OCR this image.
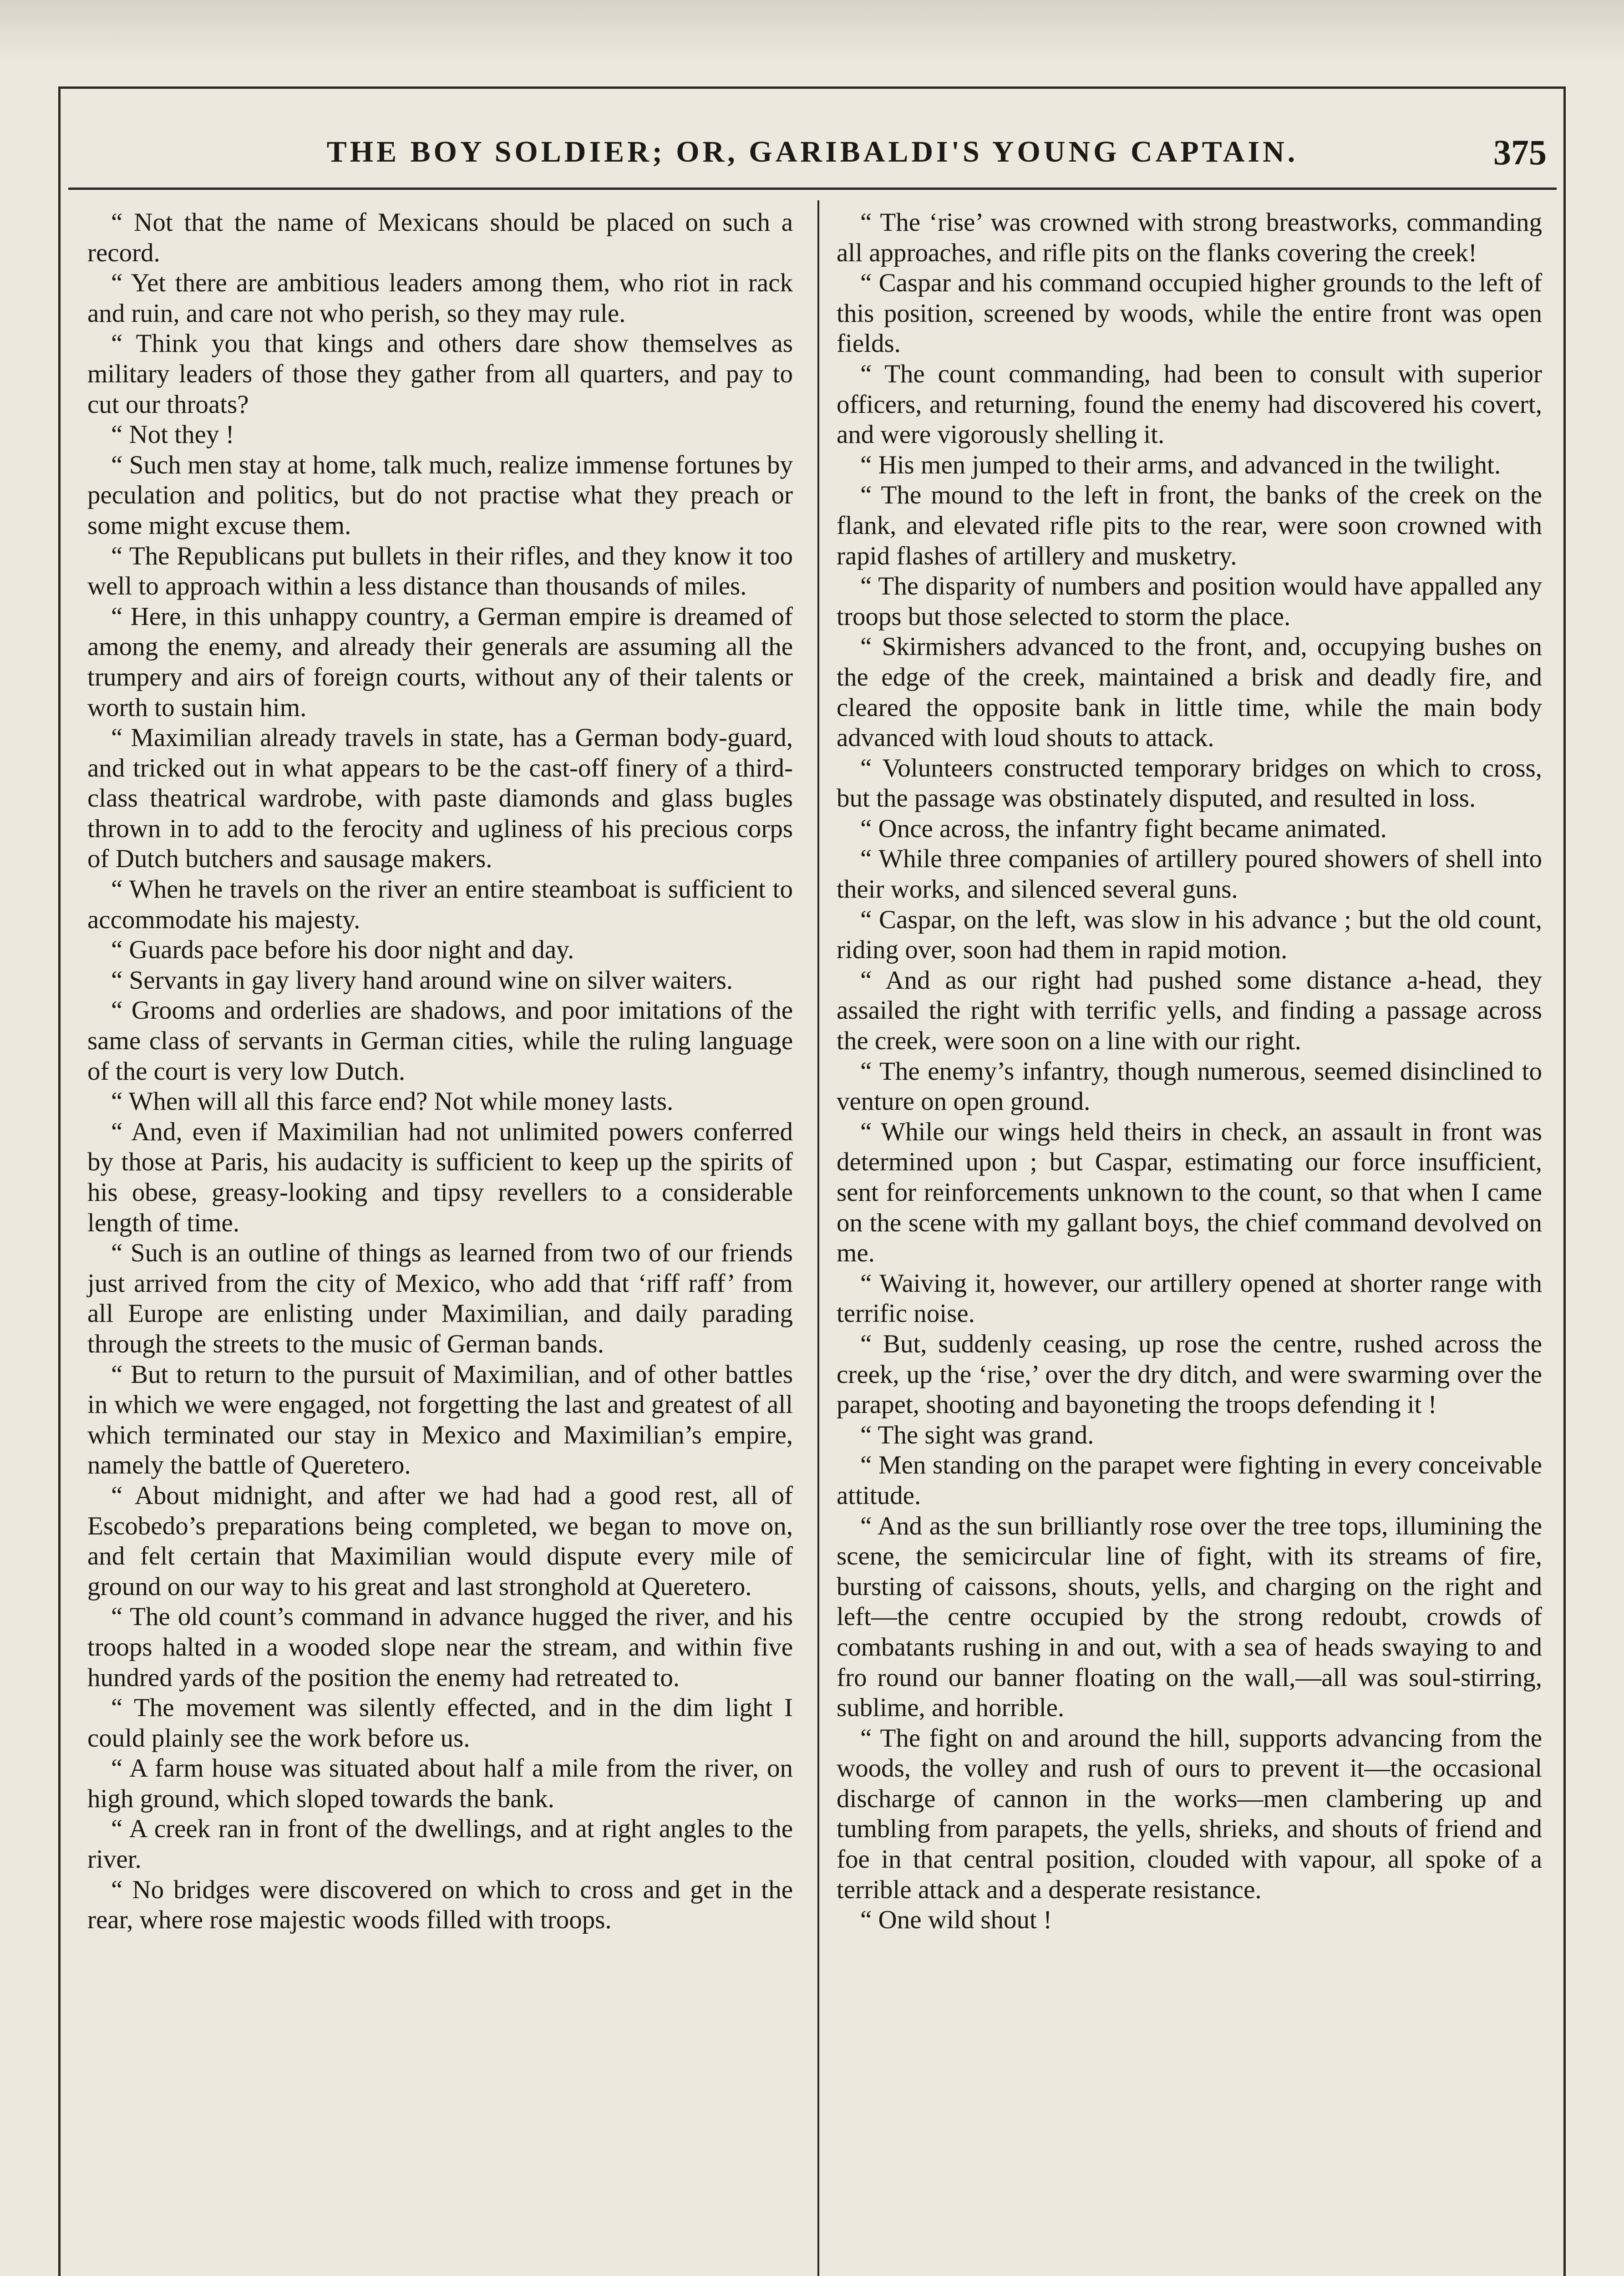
THE BOY SOLDIER; OR, GARIBALDI'S YOUNG CAPTAIN.	375

“ Not that the name of Mexicans should be placed on such a record.

“ Yet there are ambitious leaders among them, who riot in rack and ruin, and care not who perish, so they may rule.

“ Think you that kings and others dare show themselves as military leaders of those they gather from all quarters, and pay to cut our throats?

“ Not they !

“ Such men stay at home, talk much, realize immense fortunes by peculation and politics, but do not practise what they preach or some might excuse them.

“ The Republicans put bullets in their rifles, and they know it too well to approach within a less distance than thousands of miles.

“ Here, in this unhappy country, a German empire is dreamed of among the enemy, and already their generals are assuming all the trumpery and airs of foreign courts, without any of their talents or worth to sustain him.

“ Maximilian already travels in state, has a German body-guard, and tricked out in what appears to be the cast-off finery of a third-class theatrical wardrobe, with paste diamonds and glass bugles thrown in to add to the ferocity and ugliness of his precious corps of Dutch butchers and sausage makers.

“ When he travels on the river an entire steamboat is sufficient to accommodate his majesty.

“ Guards pace before his door night and day.

“ Servants in gay livery hand around wine on silver waiters.

“ Grooms and orderlies are shadows, and poor imitations of the same class of servants in German cities, while the ruling language of the court is very low Dutch.

“ When will all this farce end? Not while money lasts.

“ And, even if Maximilian had not unlimited powers conferred by those at Paris, his audacity is sufficient to keep up the spirits of his obese, greasy-looking and tipsy revellers to a considerable length of time.

“ Such is an outline of things as learned from two of our friends just arrived from the city of Mexico, who add that ‘riff raff’ from all Europe are enlisting under Maximilian, and daily parading through the streets to the music of German bands.

“ But to return to the pursuit of Maximilian, and of other battles in which we were engaged, not forgetting the last and greatest of all which terminated our stay in Mexico and Maximilian’s empire, namely the battle of Queretero.

“ About midnight, and after we had had a good rest, all of Escobedo’s preparations being completed, we began to move on, and felt certain that Maximilian would dispute every mile of ground on our way to his great and last stronghold at Queretero.

“ The old count’s command in advance hugged the river, and his troops halted in a wooded slope near the stream, and within five hundred yards of the position the enemy had retreated to.

“ The movement was silently effected, and in the dim light I could plainly see the work before us.

“ A farm house was situated about half a mile from the river, on high ground, which sloped towards the bank.

“ A creek ran in front of the dwellings, and at right angles to the river.

“ No bridges were discovered on which to cross and get in the rear, where rose majestic woods filled with troops.

“ The ‘rise’ was crowned with strong breastworks, commanding all approaches, and rifle pits on the flanks covering the creek!

“ Caspar and his command occupied higher grounds to the left of this position, screened by woods, while the entire front was open fields.

“ The count commanding, had been to consult with superior officers, and returning, found the enemy had discovered his covert, and were vigorously shelling it.

“ His men jumped to their arms, and advanced in the twilight.

“ The mound to the left in front, the banks of the creek on the flank, and elevated rifle pits to the rear, were soon crowned with rapid flashes of artillery and musketry.

“ The disparity of numbers and position would have appalled any troops but those selected to storm the place.

“ Skirmishers advanced to the front, and, occupying bushes on the edge of the creek, maintained a brisk and deadly fire, and cleared the opposite bank in little time, while the main body advanced with loud shouts to attack.

“ Volunteers constructed temporary bridges on which to cross, but the passage was obstinately disputed, and resulted in loss.

“ Once across, the infantry fight became animated.

“ While three companies of artillery poured showers of shell into their works, and silenced several guns.

“ Caspar, on the left, was slow in his advance ; but the old count, riding over, soon had them in rapid motion.

“ And as our right had pushed some distance a-head, they assailed the right with terrific yells, and finding a passage across the creek, were soon on a line with our right.

“ The enemy’s infantry, though numerous, seemed disinclined to venture on open ground.

“ While our wings held theirs in check, an assault in front was determined upon ; but Caspar, estimating our force insufficient, sent for reinforcements unknown to the count, so that when I came on the scene with my gallant boys, the chief command devolved on me.

“ Waiving it, however, our artillery opened at shorter range with terrific noise.

“ But, suddenly ceasing, up rose the centre, rushed across the creek, up the ‘rise,’ over the dry ditch, and were swarming over the parapet, shooting and bayoneting the troops defending it !

“ The sight was grand.

“ Men standing on the parapet were fighting in every conceivable attitude.

“ And as the sun brilliantly rose over the tree tops, illumining the scene, the semicircular line of fight, with its streams of fire, bursting of caissons, shouts, yells, and charging on the right and left—the centre occupied by the strong redoubt, crowds of combatants rushing in and out, with a sea of heads swaying to and fro round our banner floating on the wall,—all was soul-stirring, sublime, and horrible.

“ The fight on and around the hill, supports advancing from the woods, the volley and rush of ours to prevent it—the occasional discharge of cannon in the works—men clambering up and tumbling from parapets, the yells, shrieks, and shouts of friend and foe in that central position, clouded with vapour, all spoke of a terrible attack and a desperate resistance.

“ One wild shout !
